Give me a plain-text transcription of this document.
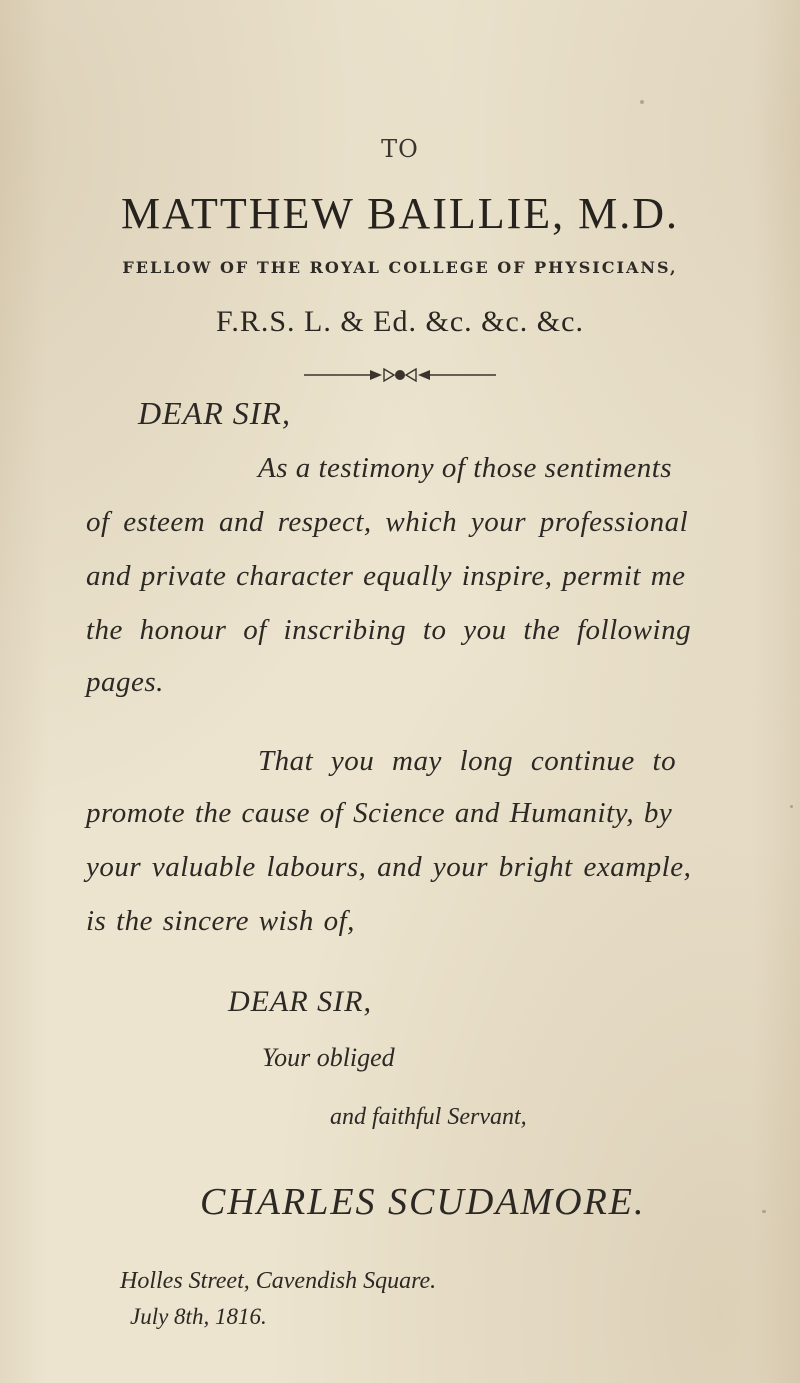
TO
MATTHEW BAILLIE, M.D.
FELLOW OF THE ROYAL COLLEGE OF PHYSICIANS,
F.R.S. L. & Ed. &c. &c. &c.
DEAR SIR,
As a testimony of those sentiments
of esteem and respect, which your professional
and private character equally inspire, permit me
the honour of inscribing to you the following
pages.
That you may long continue to
promote the cause of Science and Humanity, by
your valuable labours, and your bright example,
is the sincere wish of,
DEAR SIR,
Your obliged
and faithful Servant,
CHARLES SCUDAMORE.
Holles Street, Cavendish Square.
July 8th, 1816.
